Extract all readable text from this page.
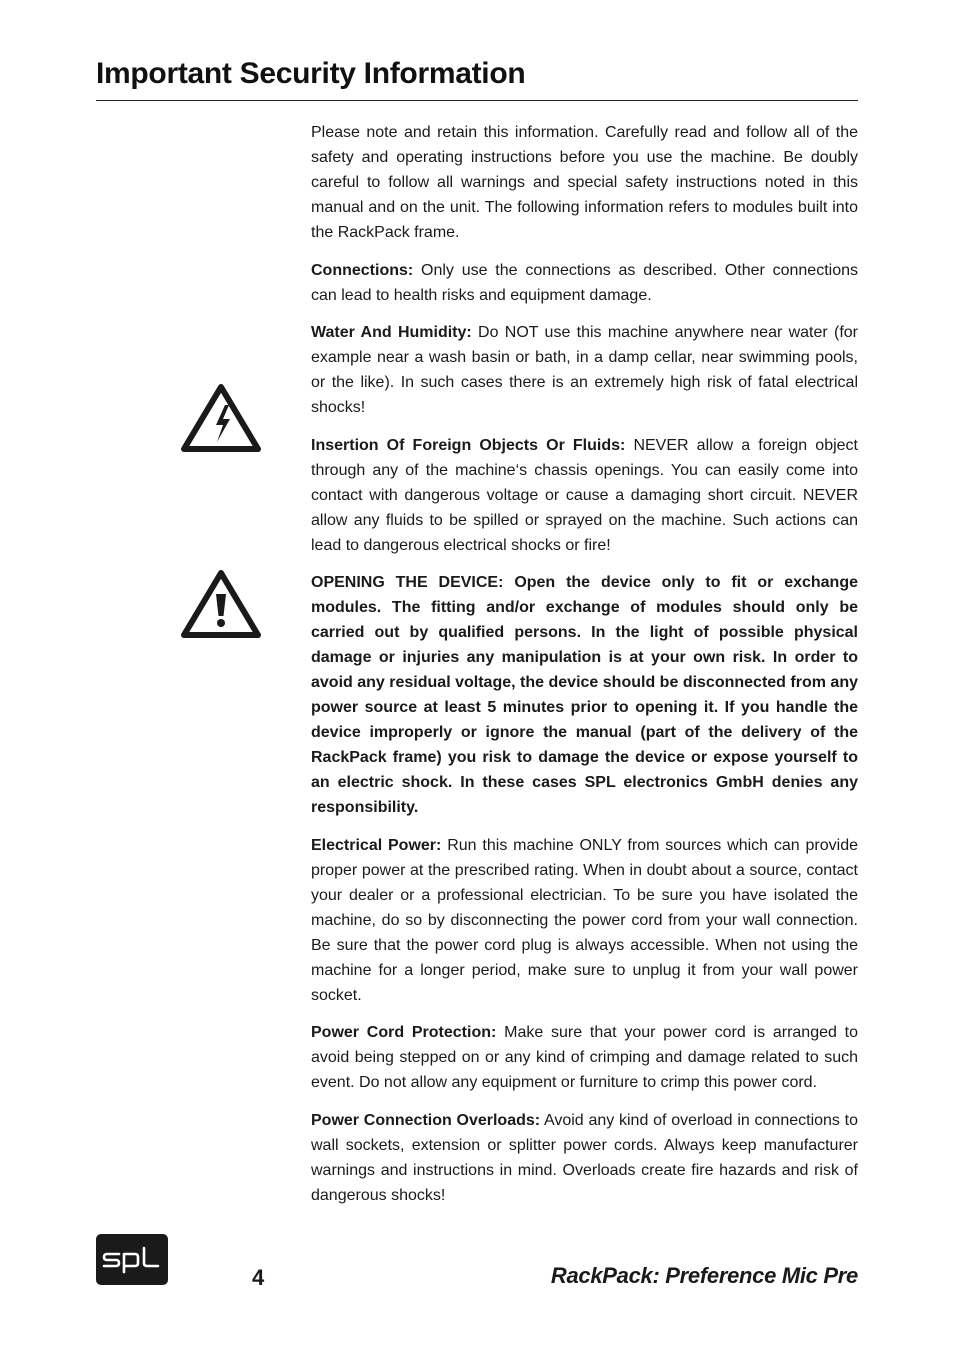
Important Security Information

Please note and retain this information. Carefully read and follow all of the safety and operating instructions before you use the machine. Be doubly careful to follow all warnings and special safety instructions noted in this manual and on the unit. The following information refers to modules built into the RackPack frame.

Connections: Only use the connections as described. Other connections can lead to health risks and equipment damage.

Water And Humidity: Do NOT use this machine anywhere near water (for example near a wash basin or bath, in a damp cellar, near swimming pools, or the like). In such cases there is an extremely high risk of fatal electrical shocks!

Insertion Of Foreign Objects Or Fluids: NEVER allow a foreign object through any of the machine‘s chassis openings. You can easily come into contact with dangerous voltage or cause a damaging short circuit. NEVER allow any fluids to be spilled or sprayed on the machine. Such actions can lead to dangerous electrical shocks or fire!

OPENING THE DEVICE: Open the device only to fit or exchange modules. The fitting and/or exchange of modules should only be carried out by qualified persons. In the light of possible physical damage or injuries any manipulation is at your own risk. In order to avoid any residual voltage, the device should be disconnected from any power source at least 5 minutes prior to opening it. If you handle the device improperly or ignore the manual (part of the delivery of the RackPack frame) you risk to damage the device or expose yourself to an electric shock. In these cases SPL electronics GmbH denies any responsibility.

Electrical Power: Run this machine ONLY from sources which can provide proper power at the prescribed rating. When in doubt about a source, contact your dealer or a professional electrician. To be sure you have isolated the machine, do so by disconnecting the power cord from your wall connection. Be sure that the power cord plug is always accessible. When not using the machine for a longer period, make sure to unplug it from your wall power socket.

Power Cord Protection: Make sure that your power cord is arranged to avoid being stepped on or any kind of crimping and damage related to such event. Do not allow any equipment or furniture to crimp this power cord.

Power Connection Overloads: Avoid any kind of overload in connections to wall sockets, extension or splitter power cords. Always keep manufacturer warnings and instructions in mind. Overloads create fire hazards and risk of dangerous shocks!

4	RackPack: Preference Mic Pre
